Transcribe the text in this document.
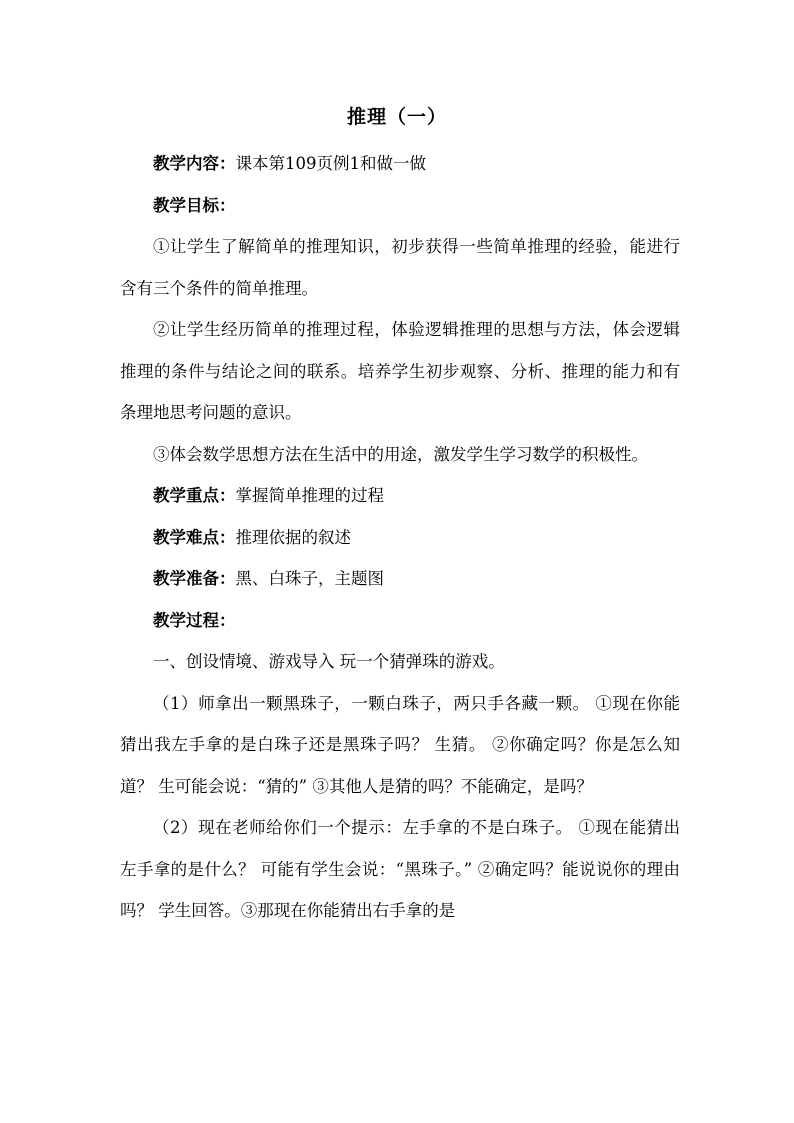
推理（一）

教学内容：课本第109页例1和做一做

教学目标：

①让学生了解简单的推理知识，初步获得一些简单推理的经验，能进行含有三个条件的简单推理。

②让学生经历简单的推理过程，体验逻辑推理的思想与方法，体会逻辑推理的条件与结论之间的联系。培养学生初步观察、分析、推理的能力和有条理地思考问题的意识。

③体会数学思想方法在生活中的用途，激发学生学习数学的积极性。

教学重点：掌握简单推理的过程

教学难点：推理依据的叙述

教学准备：黑、白珠子，主题图

教学过程：

一、创设情境、游戏导入 玩一个猜弹珠的游戏。

（1）师拿出一颗黑珠子，一颗白珠子，两只手各藏一颗。 ①现在你能猜出我左手拿的是白珠子还是黑珠子吗？ 生猜。 ②你确定吗？你是怎么知道？ 生可能会说：“猜的” ③其他人是猜的吗？不能确定，是吗？

（2）现在老师给你们一个提示：左手拿的不是白珠子。 ①现在能猜出左手拿的是什么？ 可能有学生会说：“黑珠子。” ②确定吗？能说说你的理由吗？ 学生回答。③那现在你能猜出右手拿的是
